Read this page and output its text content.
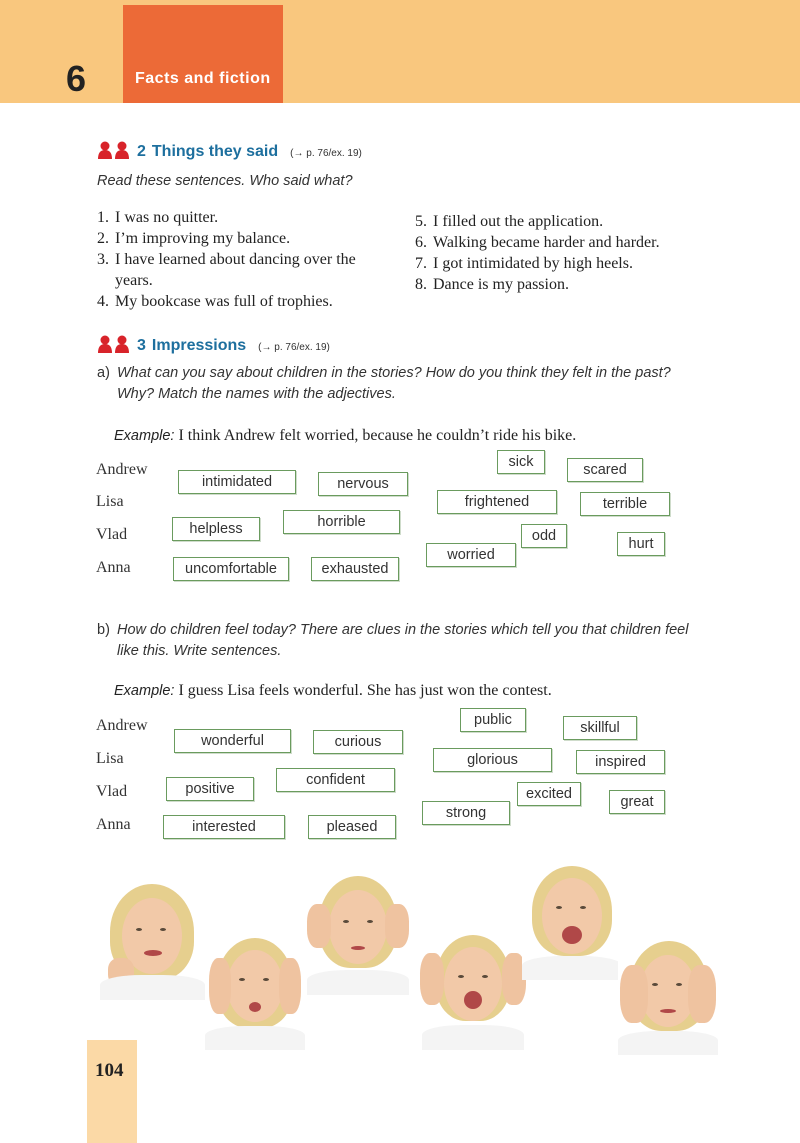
6	Facts and fiction
2 Things they said (→ p. 76/ex. 19)
Read these sentences. Who said what?
1. I was no quitter.
2. I’m improving my balance.
3. I have learned about dancing over the years.
4. My bookcase was full of trophies.
5. I filled out the application.
6. Walking became harder and harder.
7. I got intimidated by high heels.
8. Dance is my passion.
3 Impressions (→ p. 76/ex. 19)
a) What can you say about children in the stories? How do you think they felt in the past? Why? Match the names with the adjectives.
Example: I think Andrew felt worried, because he couldn’t ride his bike.
Andrew
Lisa
Vlad
Anna
intimidated	nervous
sick	scared
frightened	terrible
helpless	horrible
odd	hurt
worried
uncomfortable	exhausted
b) How do children feel today? There are clues in the stories which tell you that children feel like this. Write sentences.
Example: I guess Lisa feels wonderful. She has just won the contest.
Andrew
Lisa
Vlad
Anna
wonderful	curious
public	skillful
glorious	inspired
positive
confident
excited	great
strong
interested	pleased
104
